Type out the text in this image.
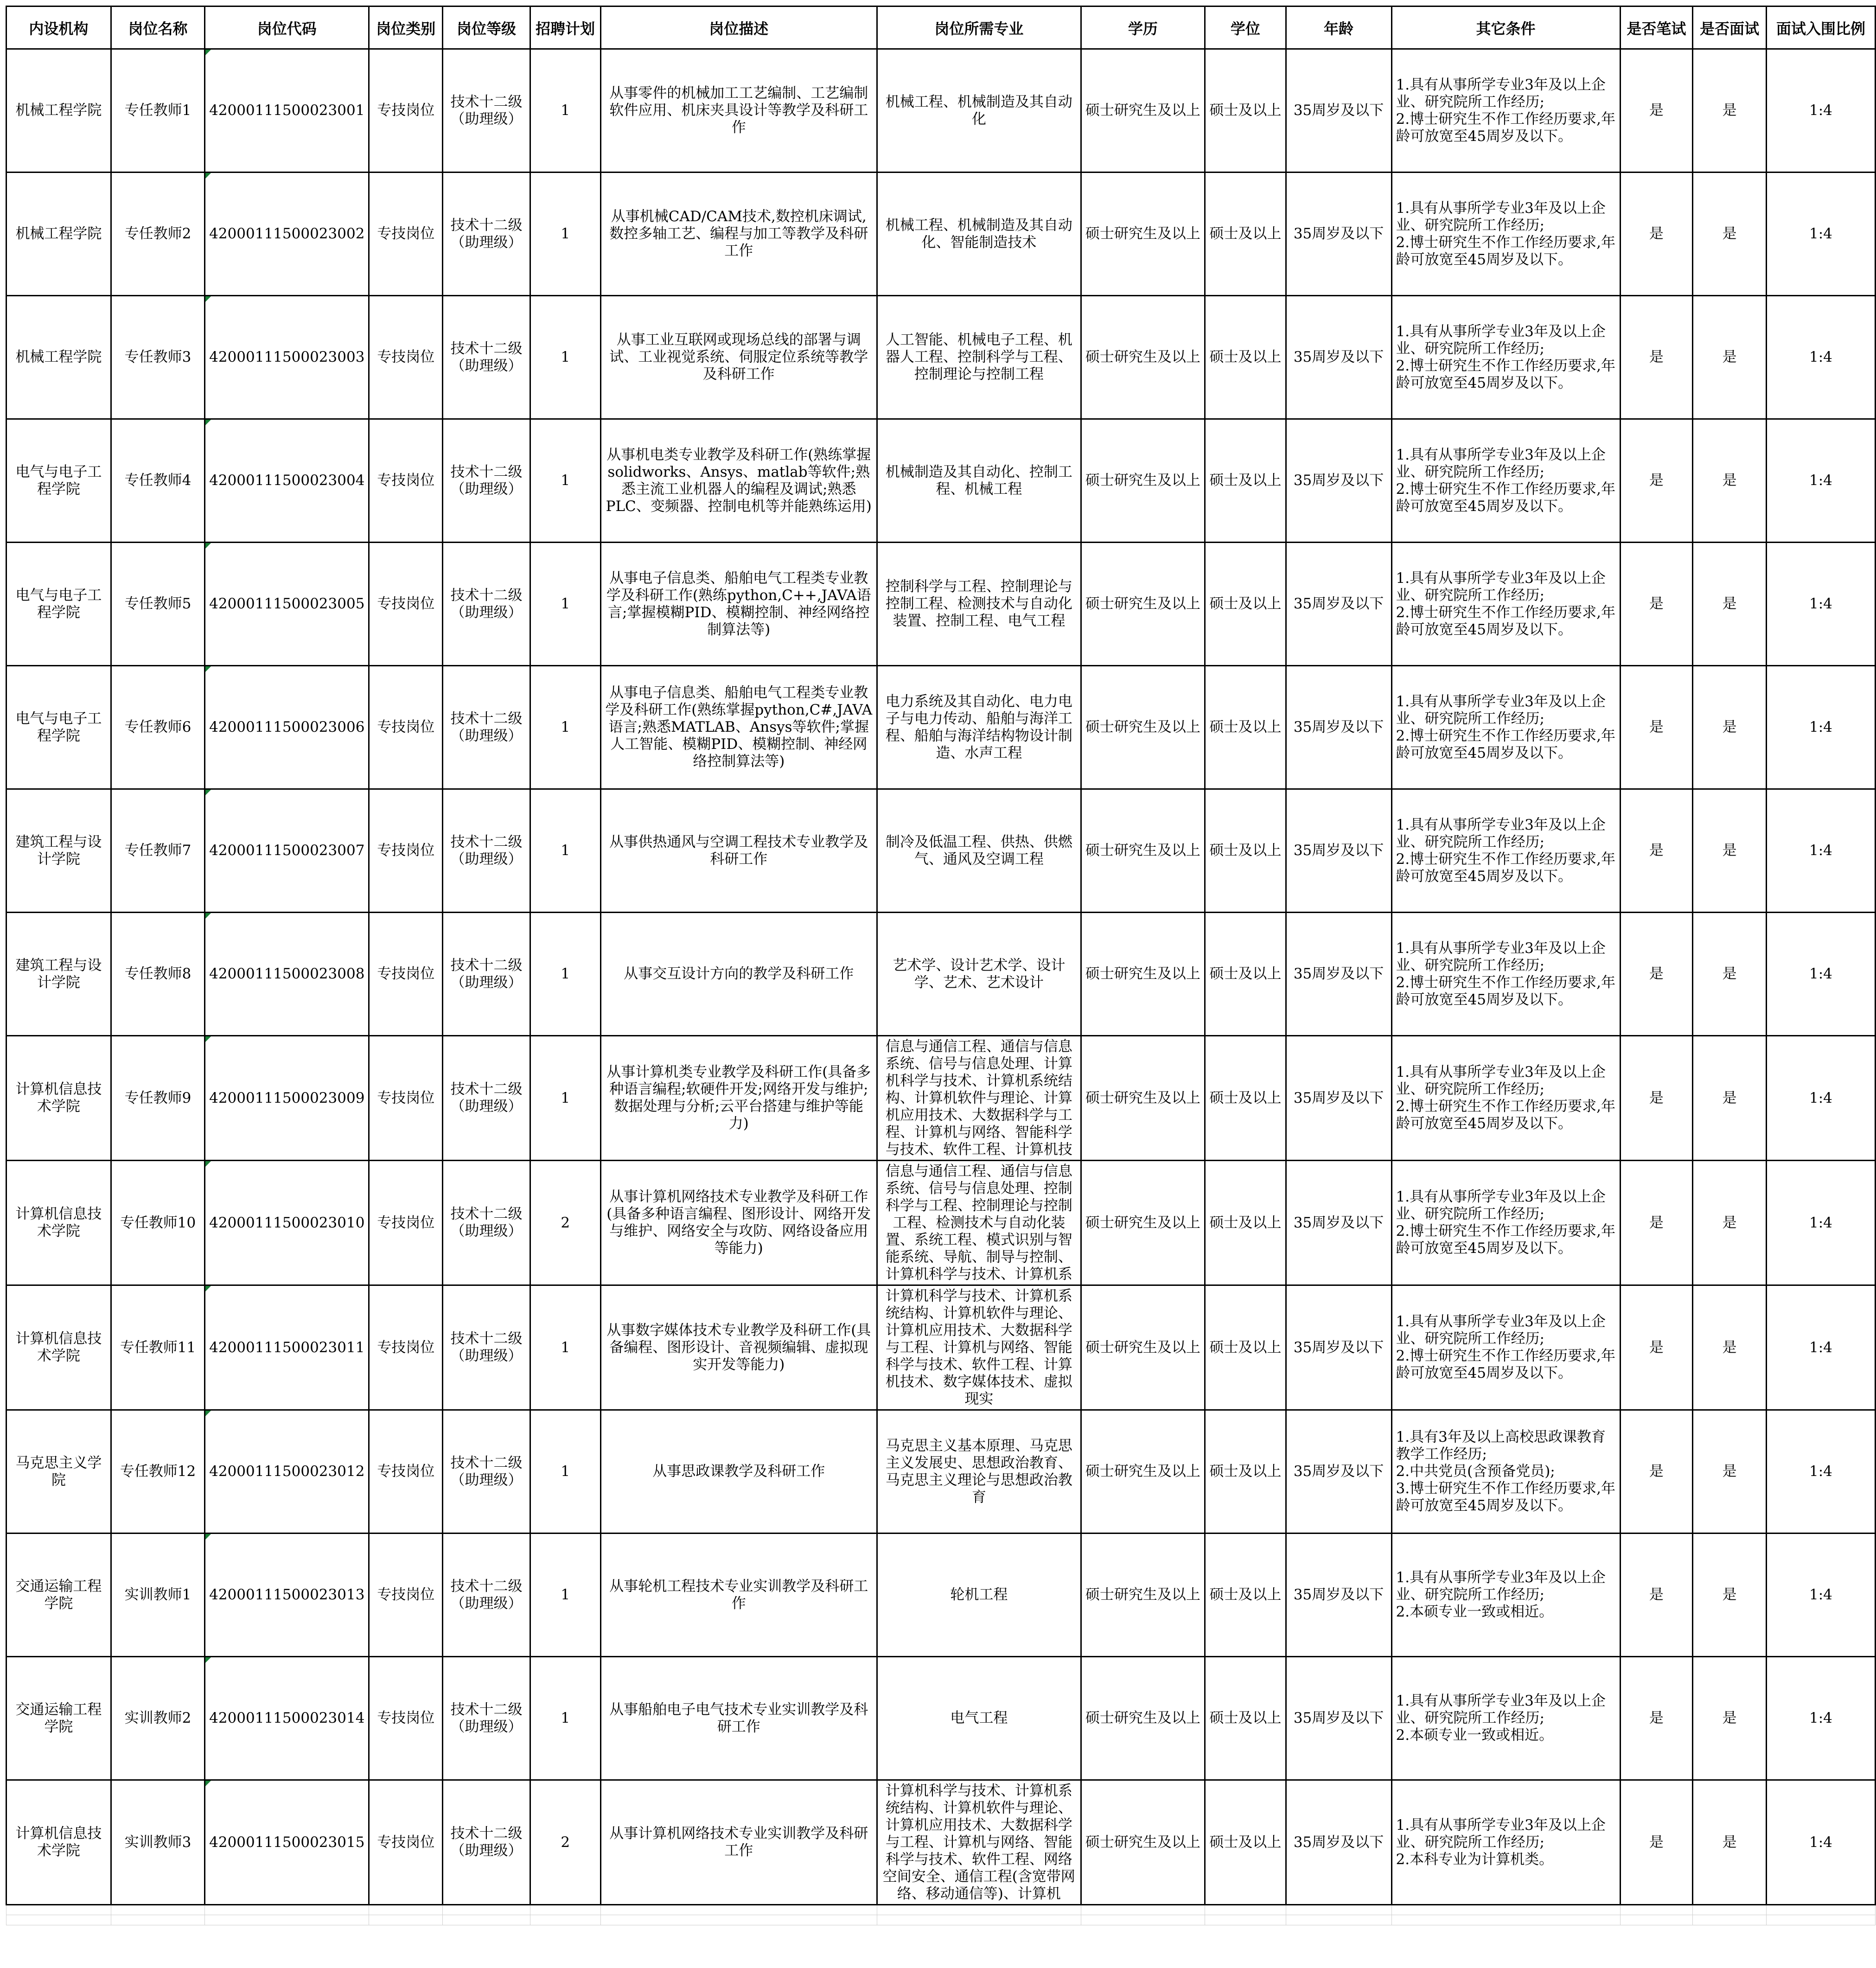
内设机构	岗位名称	岗位代码	岗位类别	岗位等级	招聘计划	岗位描述	岗位所需专业	学历	学位	年龄	其它条件	是否笔试	是否面试	面试入围比例

机械工程学院	专任教师1	42000111500023001	专技岗位	技术十二级（助理级）	1	从事零件的机械加工工艺编制、工艺编制软件应用、机床夹具设计等教学及科研工作	机械工程、机械制造及其自动化	硕士研究生及以上	硕士及以上	35周岁及以下	1.具有从事所学专业3年及以上企业、研究院所工作经历;
2.博士研究生不作工作经历要求,年龄可放宽至45周岁及以下。	是	是	1:4

机械工程学院	专任教师2	42000111500023002	专技岗位	技术十二级（助理级）	1	从事机械CAD/CAM技术,数控机床调试,数控多轴工艺、编程与加工等教学及科研工作	机械工程、机械制造及其自动化、智能制造技术	硕士研究生及以上	硕士及以上	35周岁及以下	1.具有从事所学专业3年及以上企业、研究院所工作经历;
2.博士研究生不作工作经历要求,年龄可放宽至45周岁及以下。	是	是	1:4

机械工程学院	专任教师3	42000111500023003	专技岗位	技术十二级（助理级）	1	从事工业互联网或现场总线的部署与调试、工业视觉系统、伺服定位系统等教学及科研工作	人工智能、机械电子工程、机器人工程、控制科学与工程、控制理论与控制工程	硕士研究生及以上	硕士及以上	35周岁及以下	1.具有从事所学专业3年及以上企业、研究院所工作经历;
2.博士研究生不作工作经历要求,年龄可放宽至45周岁及以下。	是	是	1:4

电气与电子工程学院	专任教师4	42000111500023004	专技岗位	技术十二级（助理级）	1	从事机电类专业教学及科研工作(熟练掌握solidworks、Ansys、matlab等软件;熟悉主流工业机器人的编程及调试;熟悉PLC、变频器、控制电机等并能熟练运用)	机械制造及其自动化、控制工程、机械工程	硕士研究生及以上	硕士及以上	35周岁及以下	1.具有从事所学专业3年及以上企业、研究院所工作经历;
2.博士研究生不作工作经历要求,年龄可放宽至45周岁及以下。	是	是	1:4

电气与电子工程学院	专任教师5	42000111500023005	专技岗位	技术十二级（助理级）	1	从事电子信息类、船舶电气工程类专业教学及科研工作(熟练python,C++,JAVA语言;掌握模糊PID、模糊控制、神经网络控制算法等)	控制科学与工程、控制理论与控制工程、检测技术与自动化装置、控制工程、电气工程	硕士研究生及以上	硕士及以上	35周岁及以下	1.具有从事所学专业3年及以上企业、研究院所工作经历;
2.博士研究生不作工作经历要求,年龄可放宽至45周岁及以下。	是	是	1:4

电气与电子工程学院	专任教师6	42000111500023006	专技岗位	技术十二级（助理级）	1	从事电子信息类、船舶电气工程类专业教学及科研工作(熟练掌握python,C#,JAVA语言;熟悉MATLAB、Ansys等软件;掌握人工智能、模糊PID、模糊控制、神经网络控制算法等)	电力系统及其自动化、电力电子与电力传动、船舶与海洋工程、船舶与海洋结构物设计制造、水声工程	硕士研究生及以上	硕士及以上	35周岁及以下	1.具有从事所学专业3年及以上企业、研究院所工作经历;
2.博士研究生不作工作经历要求,年龄可放宽至45周岁及以下。	是	是	1:4

建筑工程与设计学院	专任教师7	42000111500023007	专技岗位	技术十二级（助理级）	1	从事供热通风与空调工程技术专业教学及科研工作	制冷及低温工程、供热、供燃气、通风及空调工程	硕士研究生及以上	硕士及以上	35周岁及以下	1.具有从事所学专业3年及以上企业、研究院所工作经历;
2.博士研究生不作工作经历要求,年龄可放宽至45周岁及以下。	是	是	1:4

建筑工程与设计学院	专任教师8	42000111500023008	专技岗位	技术十二级（助理级）	1	从事交互设计方向的教学及科研工作	艺术学、设计艺术学、设计学、艺术、艺术设计	硕士研究生及以上	硕士及以上	35周岁及以下	1.具有从事所学专业3年及以上企业、研究院所工作经历;
2.博士研究生不作工作经历要求,年龄可放宽至45周岁及以下。	是	是	1:4

计算机信息技术学院	专任教师9	42000111500023009	专技岗位	技术十二级（助理级）	1	从事计算机类专业教学及科研工作(具备多种语言编程;软硬件开发;网络开发与维护;数据处理与分析;云平台搭建与维护等能力)	信息与通信工程、通信与信息系统、信号与信息处理、计算机科学与技术、计算机系统结构、计算机软件与理论、计算机应用技术、大数据科学与工程、计算机与网络、智能科学与技术、软件工程、计算机技	硕士研究生及以上	硕士及以上	35周岁及以下	1.具有从事所学专业3年及以上企业、研究院所工作经历;
2.博士研究生不作工作经历要求,年龄可放宽至45周岁及以下。	是	是	1:4

计算机信息技术学院	专任教师10	42000111500023010	专技岗位	技术十二级（助理级）	2	从事计算机网络技术专业教学及科研工作(具备多种语言编程、图形设计、网络开发与维护、网络安全与攻防、网络设备应用等能力)	信息与通信工程、通信与信息系统、信号与信息处理、控制科学与工程、控制理论与控制工程、检测技术与自动化装置、系统工程、模式识别与智能系统、导航、制导与控制、计算机科学与技术、计算机系	硕士研究生及以上	硕士及以上	35周岁及以下	1.具有从事所学专业3年及以上企业、研究院所工作经历;
2.博士研究生不作工作经历要求,年龄可放宽至45周岁及以下。	是	是	1:4

计算机信息技术学院	专任教师11	42000111500023011	专技岗位	技术十二级（助理级）	1	从事数字媒体技术专业教学及科研工作(具备编程、图形设计、音视频编辑、虚拟现实开发等能力)	计算机科学与技术、计算机系统结构、计算机软件与理论、计算机应用技术、大数据科学与工程、计算机与网络、智能科学与技术、软件工程、计算机技术、数字媒体技术、虚拟现实	硕士研究生及以上	硕士及以上	35周岁及以下	1.具有从事所学专业3年及以上企业、研究院所工作经历;
2.博士研究生不作工作经历要求,年龄可放宽至45周岁及以下。	是	是	1:4

马克思主义学院	专任教师12	42000111500023012	专技岗位	技术十二级（助理级）	1	从事思政课教学及科研工作	马克思主义基本原理、马克思主义发展史、思想政治教育、马克思主义理论与思想政治教育	硕士研究生及以上	硕士及以上	35周岁及以下	1.具有3年及以上高校思政课教育教学工作经历;
2.中共党员(含预备党员);
3.博士研究生不作工作经历要求,年龄可放宽至45周岁及以下。	是	是	1:4

交通运输工程学院	实训教师1	42000111500023013	专技岗位	技术十二级（助理级）	1	从事轮机工程技术专业实训教学及科研工作	轮机工程	硕士研究生及以上	硕士及以上	35周岁及以下	1.具有从事所学专业3年及以上企业、研究院所工作经历;
2.本硕专业一致或相近。	是	是	1:4

交通运输工程学院	实训教师2	42000111500023014	专技岗位	技术十二级（助理级）	1	从事船舶电子电气技术专业实训教学及科研工作	电气工程	硕士研究生及以上	硕士及以上	35周岁及以下	1.具有从事所学专业3年及以上企业、研究院所工作经历;
2.本硕专业一致或相近。	是	是	1:4

计算机信息技术学院	实训教师3	42000111500023015	专技岗位	技术十二级（助理级）	2	从事计算机网络技术专业实训教学及科研工作	计算机科学与技术、计算机系统结构、计算机软件与理论、计算机应用技术、大数据科学与工程、计算机与网络、智能科学与技术、软件工程、网络空间安全、通信工程(含宽带网络、移动通信等)、计算机	硕士研究生及以上	硕士及以上	35周岁及以下	1.具有从事所学专业3年及以上企业、研究院所工作经历;
2.本科专业为计算机类。	是	是	1:4
